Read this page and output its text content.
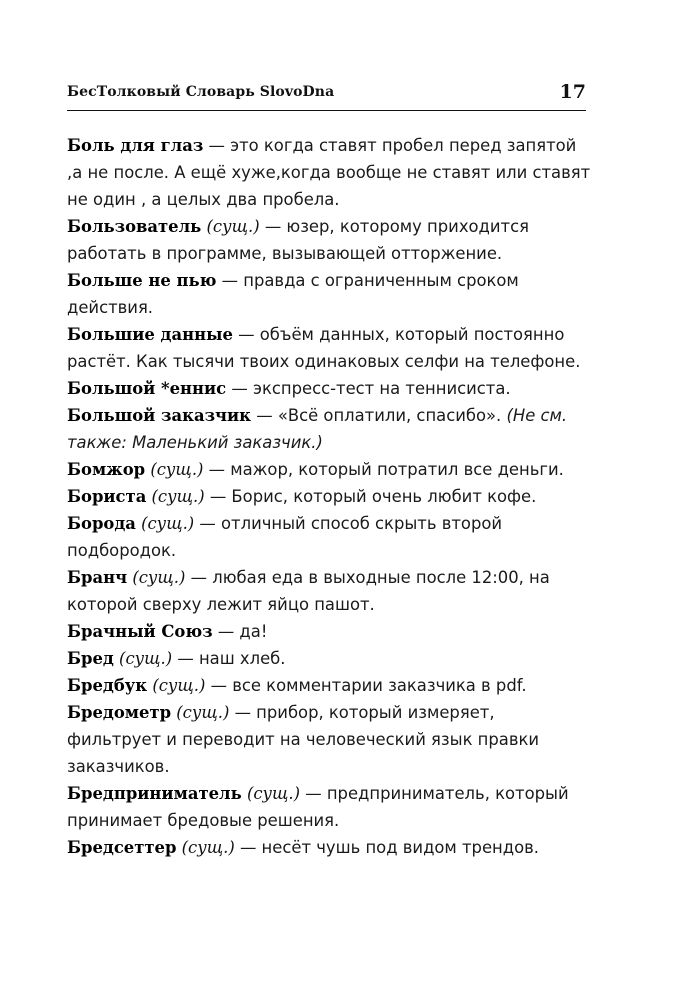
БесТолковый Словарь SlovoDna	17

Боль для глаз — это когда ставят пробел перед запятой ,а не после. А ещё хуже,когда вообще не ставят или ставят не один , а целых два пробела.

Бользователь (сущ.) — юзер, которому приходится работать в программе, вызывающей отторжение.

Больше не пью — правда с ограниченным сроком действия.

Большие данные — объём данных, который постоянно растёт. Как тысячи твоих одинаковых селфи на телефоне.

Большой *еннис — экспресс-тест на теннисиста.

Большой заказчик — «Всё оплатили, спасибо». (Не см. также: Маленький заказчик.)

Бомжор (сущ.) — мажор, который потратил все деньги.

Бориста (сущ.) — Борис, который очень любит кофе.

Борода (сущ.) — отличный способ скрыть второй подбородок.

Бранч (сущ.) — любая еда в выходные после 12:00, на которой сверху лежит яйцо пашот.

Брачный Союз — да!

Бред (сущ.) — наш хлеб.

Бредбук (сущ.) — все комментарии заказчика в pdf.

Бредометр (сущ.) — прибор, который измеряет, фильтрует и переводит на человеческий язык правки заказчиков.

Бредприниматель (сущ.) — предприниматель, который принимает бредовые решения.

Бредсеттер (сущ.) — несёт чушь под видом трендов.
